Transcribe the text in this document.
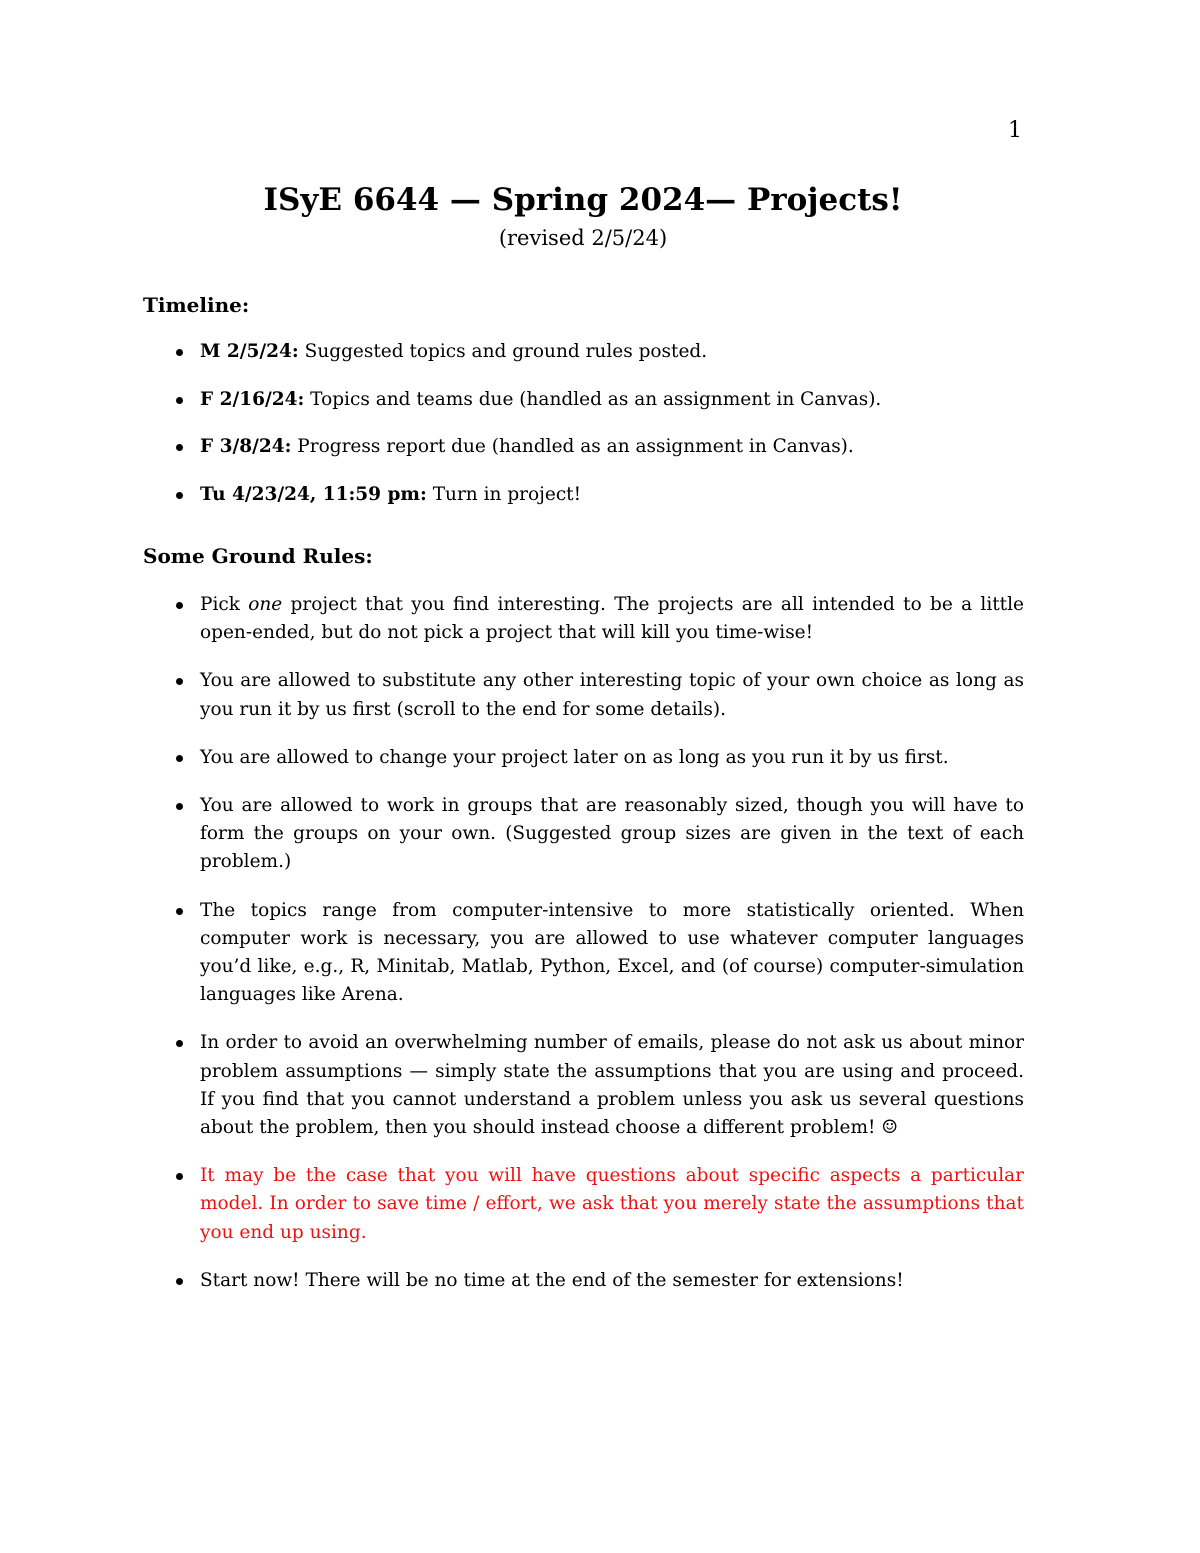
1
ISyE 6644 — Spring 2024— Projects!
(revised 2/5/24)
Timeline:
M 2/5/24: Suggested topics and ground rules posted.
F 2/16/24: Topics and teams due (handled as an assignment in Canvas).
F 3/8/24: Progress report due (handled as an assignment in Canvas).
Tu 4/23/24, 11:59 pm: Turn in project!
Some Ground Rules:
Pick one project that you find interesting. The projects are all intended to be a little open-ended, but do not pick a project that will kill you time-wise!
You are allowed to substitute any other interesting topic of your own choice as long as you run it by us first (scroll to the end for some details).
You are allowed to change your project later on as long as you run it by us first.
You are allowed to work in groups that are reasonably sized, though you will have to form the groups on your own. (Suggested group sizes are given in the text of each problem.)
The topics range from computer-intensive to more statistically oriented. When computer work is necessary, you are allowed to use whatever computer languages you’d like, e.g., R, Minitab, Matlab, Python, Excel, and (of course) computer-simulation languages like Arena.
In order to avoid an overwhelming number of emails, please do not ask us about minor problem assumptions — simply state the assumptions that you are using and proceed. If you find that you cannot understand a problem unless you ask us several questions about the problem, then you should instead choose a different problem! ☺
It may be the case that you will have questions about specific aspects a particular model. In order to save time / effort, we ask that you merely state the assumptions that you end up using.
Start now! There will be no time at the end of the semester for extensions!
